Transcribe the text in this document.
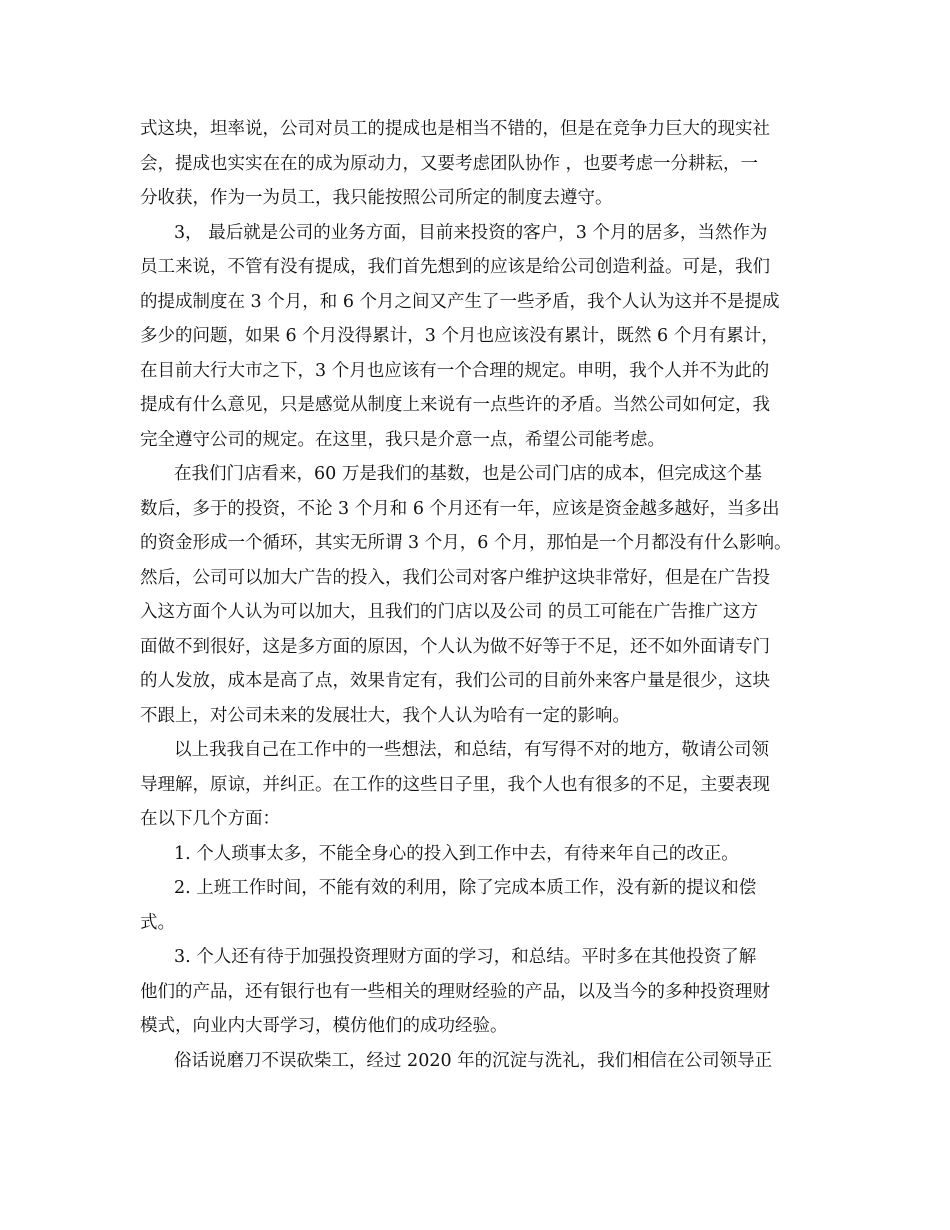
式这块，坦率说，公司对员工的提成也是相当不错的，但是在竞争力巨大的现实社
会，提成也实实在在的成为原动力，又要考虑团队协作 ，也要考虑一分耕耘，一
分收获，作为一为员工，我只能按照公司所定的制度去遵守。
3， 最后就是公司的业务方面，目前来投资的客户，3 个月的居多，当然作为
员工来说，不管有没有提成，我们首先想到的应该是给公司创造利益。可是，我们
的提成制度在 3 个月，和 6 个月之间又产生了一些矛盾，我个人认为这并不是提成
多少的问题，如果 6 个月没得累计，3 个月也应该没有累计，既然 6 个月有累计，
在目前大行大市之下，3 个月也应该有一个合理的规定。申明，我个人并不为此的
提成有什么意见，只是感觉从制度上来说有一点些许的矛盾。当然公司如何定，我
完全遵守公司的规定。在这里，我只是介意一点，希望公司能考虑。
在我们门店看来，60 万是我们的基数，也是公司门店的成本，但完成这个基
数后，多于的投资，不论 3 个月和 6 个月还有一年，应该是资金越多越好，当多出
的资金形成一个循环，其实无所谓 3 个月，6 个月，那怕是一个月都没有什么影响。
然后，公司可以加大广告的投入，我们公司对客户维护这块非常好，但是在广告投
入这方面个人认为可以加大，且我们的门店以及公司 的员工可能在广告推广这方
面做不到很好，这是多方面的原因，个人认为做不好等于不足，还不如外面请专门
的人发放，成本是高了点，效果肯定有，我们公司的目前外来客户量是很少，这块
不跟上，对公司未来的发展壮大，我个人认为哈有一定的影响。
以上我我自己在工作中的一些想法，和总结，有写得不对的地方，敬请公司领
导理解，原谅，并纠正。在工作的这些日子里，我个人也有很多的不足，主要表现
在以下几个方面：
1. 个人琐事太多，不能全身心的投入到工作中去，有待来年自己的改正。
2. 上班工作时间，不能有效的利用，除了完成本质工作，没有新的提议和偿
式。
3. 个人还有待于加强投资理财方面的学习，和总结。平时多在其他投资了解
他们的产品，还有银行也有一些相关的理财经验的产品，以及当今的多种投资理财
模式，向业内大哥学习，模仿他们的成功经验。
俗话说磨刀不误砍柴工，经过 2020 年的沉淀与洗礼，我们相信在公司领导正
